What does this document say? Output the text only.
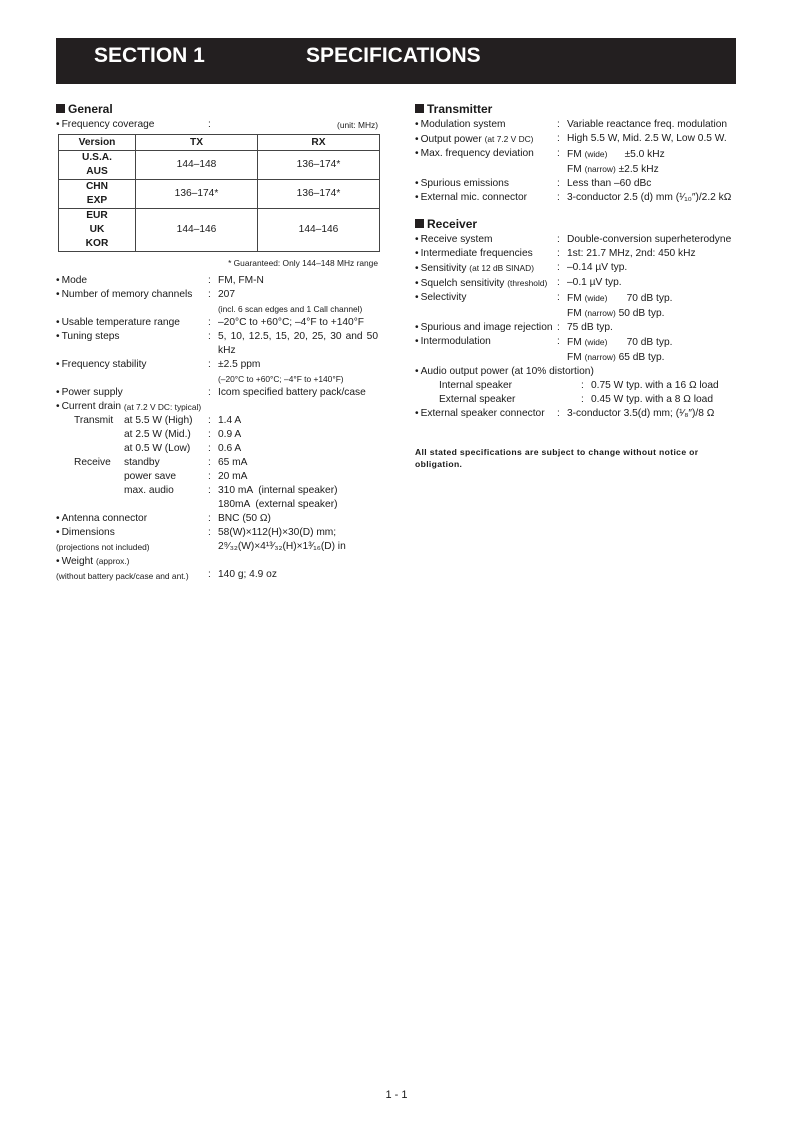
SECTION 1	SPECIFICATIONS
General
• Frequency coverage	:	(unit: MHz)
Version	TX	RX

U.S.A.
AUS	144–148	136–174*

CHN
EXP	136–174*	136–174*

EUR
UK
KOR	144–146	144–146
* Guaranteed: Only 144–148 MHz range
• Mode	: FM, FM-N
• Number of memory channels	: 207
(incl. 6 scan edges and 1 Call channel)
• Usable temperature range	: –20°C to +60°C; –4°F to +140°F
• Tuning steps	: 5, 10, 12.5, 15, 20, 25, 30 and 50 kHz
• Frequency stability	: ±2.5 ppm
(–20°C to +60°C; –4°F to +140°F)
• Power supply	: Icom specified battery pack/case
• Current drain
(at 7.2 V DC: typical)
Transmit	at 5.5 W (High)	: 1.4 A
at 2.5 W (Mid.)	: 0.9 A
at 0.5 W (Low)	: 0.6 A
Receive	standby	: 65 mA
power save	: 20 mA
max. audio	: 310 mA  (internal speaker)
180mA  (external speaker)
• Antenna connector	: BNC (50 Ω)
• Dimensions
(projections not included)
:
58(W)×112(H)×30(D) mm;
2⁹⁄₃₂(W)×4¹³⁄₃₂(H)×1³⁄₁₆(D) in
• Weight (approx.)
(without battery pack/case and ant.)
	:
140 g; 4.9 oz
Transmitter
• Modulation system	: Variable reactance freq. modulation
• Output power (at 7.2 V DC)	: High 5.5 W, Mid. 2.5 W, Low 0.5 W.
• Max. frequency deviation	: FM (wide) ±5.0 kHz
FM (narrow) ±2.5 kHz
• Spurious emissions	: Less than –60 dBc
• External mic. connector	: 3-conductor 2.5 (d) mm (¹⁄₁₀″)/2.2 kΩ
Receiver
• Receive system	: Double-conversion superheterodyne
• Intermediate frequencies	: 1st: 21.7 MHz, 2nd: 450 kHz
• Sensitivity (at 12 dB SINAD)	: –0.14 µV typ.
• Squelch sensitivity (threshold) : –0.1 µV typ.
• Selectivity	: FM (wide) 70 dB typ.
FM (narrow) 50 dB typ.
• Spurious and image rejection : 75 dB typ.
• Intermodulation	: FM (wide) 70 dB typ.
FM (narrow) 65 dB typ.
• Audio output power (at 10% distortion)
Internal speaker	: 0.75 W typ. with a 16 Ω load
External speaker	: 0.45 W typ. with a 8 Ω load
• External speaker connector	: 3-conductor 3.5(d) mm; (¹⁄₈″)/8 Ω
All stated specifications are subject to change without notice or obligation.
1 - 1
